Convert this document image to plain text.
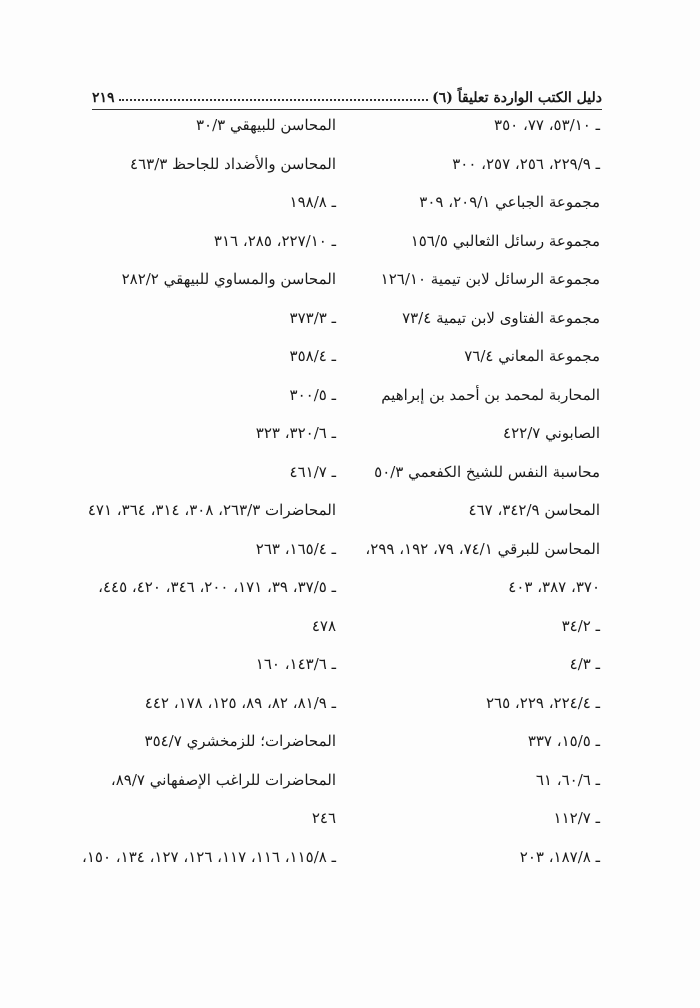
دليل الكتب الواردة تعليقاً (٦)
٢١٩
ـ ٥٣/١٠، ٧٧، ٣٥٠
ـ ٢٢٩/٩، ٢٥٦، ٢٥٧، ٣٠٠
مجموعة الجباعي ٢٠٩/١، ٣٠٩
مجموعة رسائل الثعالبي ١٥٦/٥
مجموعة الرسائل لابن تيمية ١٢٦/١٠
مجموعة الفتاوى لابن تيمية ٧٣/٤
مجموعة المعاني ٧٦/٤
المحاربة لمحمد بن أحمد بن إبراهيم
الصابوني ٤٢٢/٧
محاسبة النفس للشيخ الكفعمي ٥٠/٣
المحاسن ٣٤٢/٩، ٤٦٧
المحاسن للبرقي ٧٤/١، ٧٩، ١٩٢، ٢٩٩،
٣٧٠، ٣٨٧، ٤٠٣
ـ ٣٤/٢
ـ ٤/٣
ـ ٢٢٤/٤، ٢٢٩، ٢٦٥
ـ ١٥/٥، ٣٣٧
ـ ٦٠/٦، ٦١
ـ ١١٢/٧
ـ ١٨٧/٨، ٢٠٣
المحاسن للبيهقي ٣٠/٣
المحاسن والأضداد للجاحظ ٤٦٣/٣
ـ ١٩٨/٨
ـ ٢٢٧/١٠، ٢٨٥، ٣١٦
المحاسن والمساوي للبيهقي ٢٨٢/٢
ـ ٣٧٣/٣
ـ ٣٥٨/٤
ـ ٣٠٠/٥
ـ ٣٢٠/٦، ٣٢٣
ـ ٤٦١/٧
المحاضرات ٢٦٣/٣، ٣٠٨، ٣١٤، ٣٦٤، ٤٧١
ـ ١٦٥/٤، ٢٦٣
ـ ٣٧/٥، ٣٩، ١٧١، ٢٠٠، ٣٤٦، ٤٢٠، ٤٤٥،
٤٧٨
ـ ١٤٣/٦، ١٦٠
ـ ٨١/٩، ٨٢، ٨٩، ١٢٥، ١٧٨، ٤٤٢
المحاضرات؛ للزمخشري ٣٥٤/٧
المحاضرات للراغب الإصفهاني ٨٩/٧،
٢٤٦
ـ ١١٥/٨، ١١٦، ١١٧، ١٢٦، ١٢٧، ١٣٤، ١٥٠،
